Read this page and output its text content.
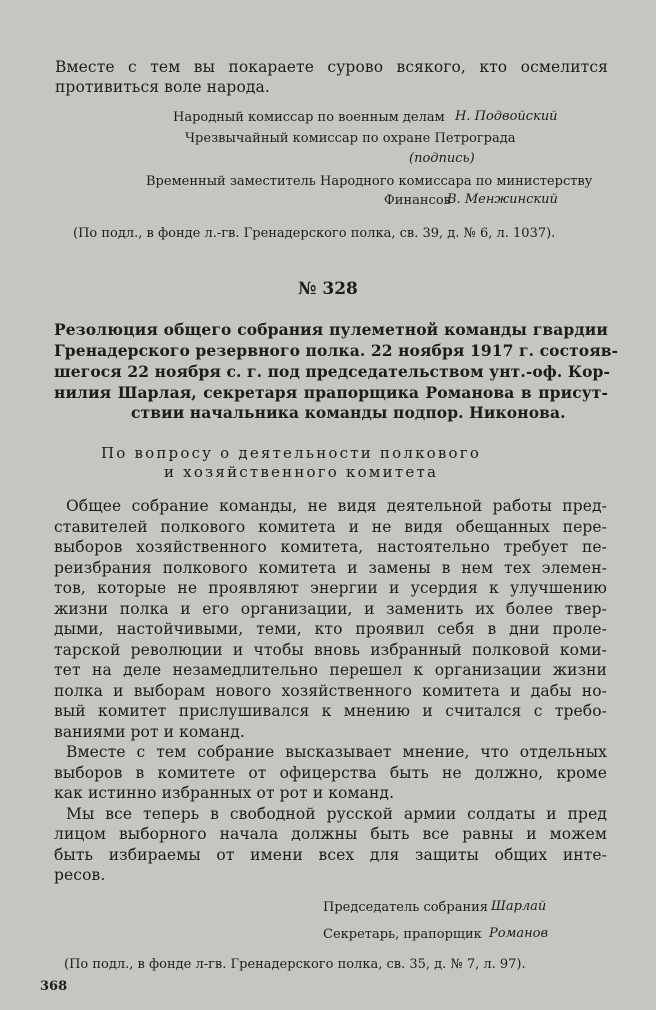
Вместе с тем вы покараете сурово всякого, кто осмелится

противиться воле народа.

Народный комиссар по военным делам Н. Подвойский

Чрезвычайный комиссар по охране Петрограда

(подпись)

Временный заместитель Народного комиссара по министерству

Финансов

В. Менжинский

(По подл., в фонде л.-гв. Гренадерского полка, св. 39, д. № 6, л. 1037).

№ 328

Резолюция общего собрания пулеметной команды гвардии

Гренадерского резервного полка. 22 ноября 1917 г. состояв-

шегося 22 ноября с. г. под председательством унт.-оф. Кор-

нилия Шарлая, секретаря прапорщика Романова в присут-

ствии начальника команды подпор. Никонова.

По вопросу о деятельности полкового

и хозяйственного комитета

Общее собрание команды, не видя деятельной работы пред-

ставителей полкового комитета и не видя обещанных пере-

выборов хозяйственного комитета, настоятельно требует пе-

реизбрания полкового комитета и замены в нем тех элемен-

тов, которые не проявляют энергии и усердия к улучшению

жизни полка и его организации, и заменить их более твер-

дыми, настойчивыми, теми, кто проявил себя в дни проле-

тарской революции и чтобы вновь избранный полковой коми-

тет на деле незамедлительно перешел к организации жизни

полка и выборам нового хозяйственного комитета и дабы но-

вый комитет прислушивался к мнению и считался с требо-

ваниями рот и команд.

Вместе с тем собрание высказывает мнение, что отдельных

выборов в комитете от офицерства быть не должно, кроме

как истинно избранных от рот и команд.

Мы все теперь в свободной русской армии солдаты и пред

лицом выборного начала должны быть все равны и можем

быть избираемы от имени всех для защиты общих инте-

ресов.

Председатель собрания Шарлай

Секретарь, прапорщик Романов

(По подл., в фонде л-гв. Гренадерского полка, св. 35, д. № 7, л. 97).

368
